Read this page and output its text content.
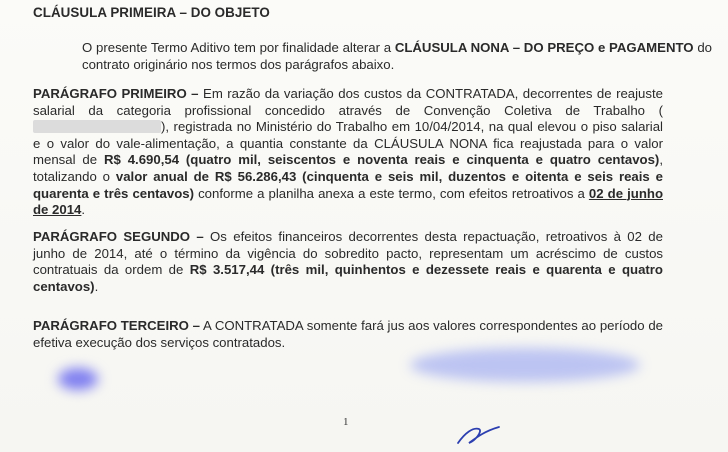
CLÁUSULA PRIMEIRA – DO OBJETO
O presente Termo Aditivo tem por finalidade alterar a CLÁUSULA NONA – DO PREÇO e PAGAMENTO do contrato originário nos termos dos parágrafos abaixo.
PARÁGRAFO PRIMEIRO – Em razão da variação dos custos da CONTRATADA, decorrentes de reajuste salarial da categoria profissional concedido através de Convenção Coletiva de Trabalho (), registrada no Ministério do Trabalho em 10/04/2014, na qual elevou o piso salarial e o valor do vale-alimentação, a quantia constante da CLÁUSULA NONA fica reajustada para o valor mensal de R$ 4.690,54 (quatro mil, seiscentos e noventa reais e cinquenta e quatro centavos), totalizando o valor anual de R$ 56.286,43 (cinquenta e seis mil, duzentos e oitenta e seis reais e quarenta e três centavos) conforme a planilha anexa a este termo, com efeitos retroativos a 02 de junho de 2014.
PARÁGRAFO SEGUNDO – Os efeitos financeiros decorrentes desta repactuação, retroativos à 02 de junho de 2014, até o término da vigência do sobredito pacto, representam um acréscimo de custos contratuais da ordem de R$ 3.517,44 (três mil, quinhentos e dezessete reais e quarenta e quatro centavos).
PARÁGRAFO TERCEIRO – A CONTRATADA somente fará jus aos valores correspondentes ao período de efetiva execução dos serviços contratados.
1
